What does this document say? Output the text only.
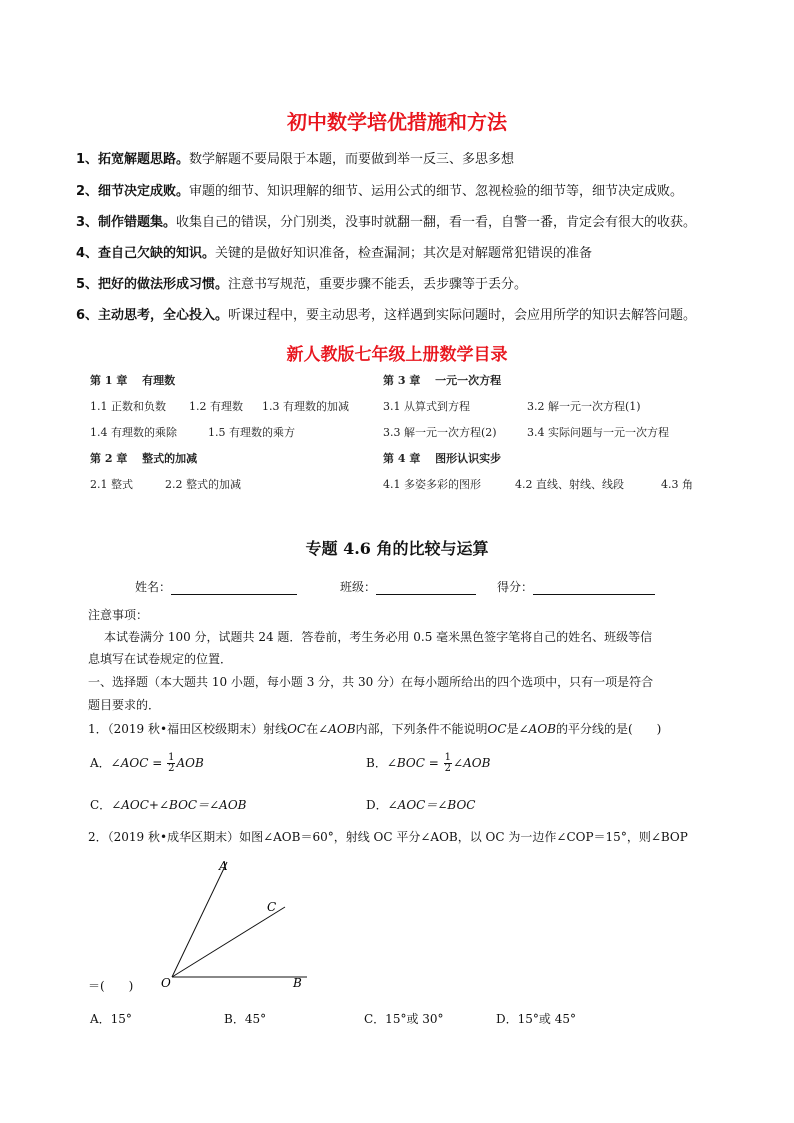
初中数学培优措施和方法
1、拓宽解题思路。数学解题不要局限于本题，而要做到举一反三、多思多想
2、细节决定成败。审题的细节、知识理解的细节、运用公式的细节、忽视检验的细节等，细节决定成败。
3、制作错题集。收集自己的错误，分门别类，没事时就翻一翻，看一看，自警一番，肯定会有很大的收获。
4、查自己欠缺的知识。关键的是做好知识准备，检查漏洞；其次是对解题常犯错误的准备
5、把好的做法形成习惯。注意书写规范，重要步骤不能丢，丢步骤等于丢分。
6、主动思考，全心投入。听课过程中，要主动思考，这样遇到实际问题时，会应用所学的知识去解答问题。
新人教版七年级上册数学目录
第 1 章　 有理数
1.1 正数和负数 1.2 有理数 1.3 有理数的加减
1.4 有理数的乘除	1.5 有理数的乘方
第 2 章　 整式的加减
2.1 整式	2.2 整式的加减
第 3 章　 一元一次方程
3.1 从算式到方程	3.2 解一元一次方程(1)
3.3 解一元一次方程(2)	3.4 实际问题与一元一次方程
第 4 章　 图形认识实步
4.1 多姿多彩的图形	4.2 直线、射线、线段	4.3 角
专题 4.6 角的比较与运算
姓名：	班级：	得分：
注意事项：
本试卷满分 100 分，试题共 24 题．答卷前，考生务必用 0.5 毫米黑色签字笔将自己的姓名、班级等信
息填写在试卷规定的位置．
一、选择题（本大题共 10 小题，每小题 3 分，共 30 分）在每小题所给出的四个选项中，只有一项是符合
题目要求的．
1．（2019 秋•福田区校级期末）射线OC在∠AOB内部，下列条件不能说明OC是∠AOB的平分线的是(　　)
A．∠AOC = $\frac{1}{2}$ AOB	B．∠BOC = $\frac{1}{2}$ ∠AOB
C．∠AOC+∠BOC＝∠AOB	D．∠AOC＝∠BOC
2．（2019 秋•成华区期末）如图∠AOB＝60°，射线 OC 平分∠AOB，以 OC 为一边作∠COP＝15°，则∠BOP
A
C
O	B
＝(　　)
A．15°	B．45°	C．15°或 30°	D．15°或 45°
